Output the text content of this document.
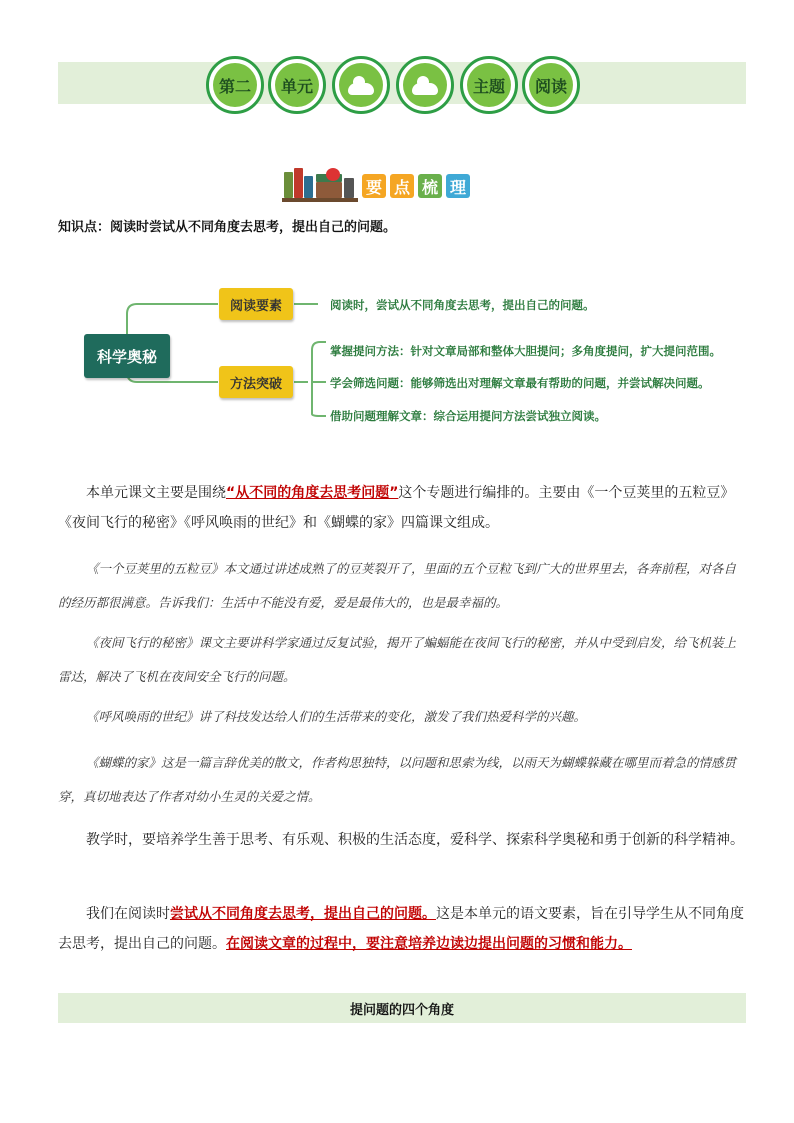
第二	单元	主题	阅读
要 点 梳 理
知识点：阅读时尝试从不同角度去思考，提出自己的问题。
科学奥秘
阅读要素
方法突破
阅读时，尝试从不同角度去思考，提出自己的问题。
掌握提问方法：针对文章局部和整体大胆提问；多角度提问，扩大提问范围。
学会筛选问题：能够筛选出对理解文章最有帮助的问题，并尝试解决问题。
借助问题理解文章：综合运用提问方法尝试独立阅读。
本单元课文主要是围绕“从不同的角度去思考问题”这个专题进行编排的。主要由《一个豆荚里的五粒豆》《夜间飞行的秘密》《呼风唤雨的世纪》和《蝴蝶的家》四篇课文组成。
《一个豆荚里的五粒豆》本文通过讲述成熟了的豆荚裂开了，里面的五个豆粒飞到广大的世界里去，各奔前程，对各自的经历都很满意。告诉我们：生活中不能没有爱，爱是最伟大的，也是最幸福的。
《夜间飞行的秘密》课文主要讲科学家通过反复试验，揭开了蝙蝠能在夜间飞行的秘密，并从中受到启发，给飞机装上雷达，解决了飞机在夜间安全飞行的问题。
《呼风唤雨的世纪》讲了科技发达给人们的生活带来的变化，激发了我们热爱科学的兴趣。
《蝴蝶的家》这是一篇言辞优美的散文，作者构思独特，以问题和思索为线，以雨天为蝴蝶躲藏在哪里而着急的情感贯穿，真切地表达了作者对幼小生灵的关爱之情。
教学时，要培养学生善于思考、有乐观、积极的生活态度，爱科学、探索科学奥秘和勇于创新的科学精神。
我们在阅读时尝试从不同角度去思考，提出自己的问题。这是本单元的语文要素，旨在引导学生从不同角度去思考，提出自己的问题。在阅读文章的过程中，要注意培养边读边提出问题的习惯和能力。
提问题的四个角度
